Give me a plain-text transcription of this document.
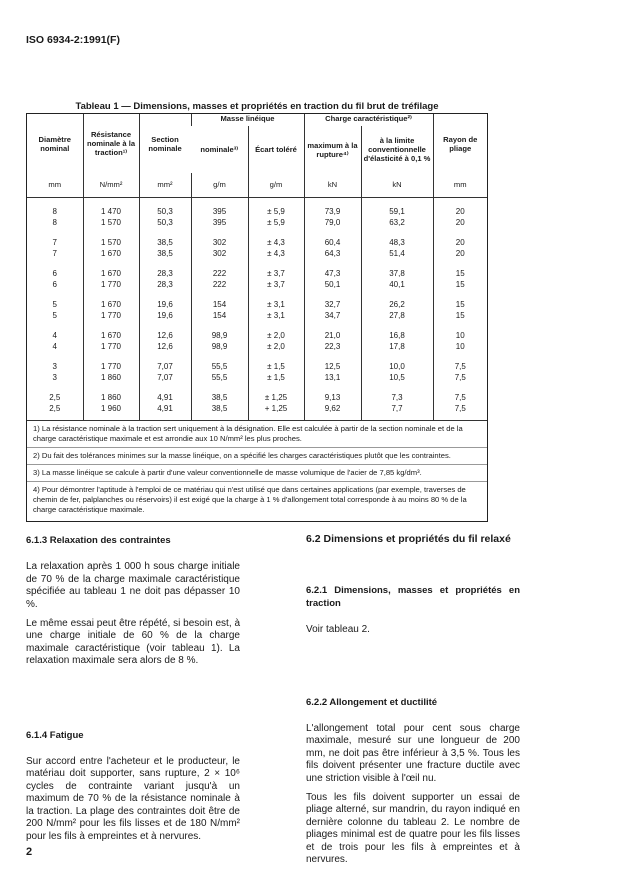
ISO 6934-2:1991(F)
Tableau 1 — Dimensions, masses et propriétés en traction du fil brut de tréfilage
Diamètre nominal	Résistance nominale à la traction¹⁾	Section nominale	Masse linéique		Charge caractéristique²⁾		Rayon de pliage
			nominale³⁾	Écart toléré	maximum à la rupture⁴⁾	à la limite conventionnelle d'élasticité à 0,1 %	
mm	N/mm²	mm²	g/m	g/m	kN	kN	mm

8	1 470	50,3	395	± 5,9	73,9	59,1	20
8	1 570	50,3	395	± 5,9	79,0	63,2	20

7	1 570	38,5	302	± 4,3	60,4	48,3	20
7	1 670	38,5	302	± 4,3	64,3	51,4	20

6	1 670	28,3	222	± 3,7	47,3	37,8	15
6	1 770	28,3	222	± 3,7	50,1	40,1	15

5	1 670	19,6	154	± 3,1	32,7	26,2	15
5	1 770	19,6	154	± 3,1	34,7	27,8	15

4	1 670	12,6	98,9	± 2,0	21,0	16,8	10
4	1 770	12,6	98,9	± 2,0	22,3	17,8	10

3	1 770	7,07	55,5	± 1,5	12,5	10,0	7,5
3	1 860	7,07	55,5	± 1,5	13,1	10,5	7,5

2,5	1 860	4,91	38,5	± 1,25	9,13	7,3	7,5
2,5	1 960	4,91	38,5	+ 1,25	9,62	7,7	7,5

1) La résistance nominale à la traction sert uniquement à la désignation. Elle est calculée à partir de la section nominale et de la charge caractéristique maximale et est arrondie aux 10 N/mm² les plus proches.
2) Du fait des tolérances minimes sur la masse linéique, on a spécifié les charges caractéristiques plutôt que les contraintes.
3) La masse linéique se calcule à partir d'une valeur conventionnelle de masse volumique de l'acier de 7,85 kg/dm³.
4) Pour démontrer l'aptitude à l'emploi de ce matériau qui n'est utilisé que dans certaines applications (par exemple, traverses de chemin de fer, palplanches ou réservoirs) il est exigé que la charge à 1 % d'allongement total corresponde à au moins 80 % de la charge caractéristique maximale.
6.1.3 Relaxation des contraintes

La relaxation après 1 000 h sous charge initiale de 70 % de la charge maximale caractéristique spécifiée au tableau 1 ne doit pas dépasser 10 %.

Le même essai peut être répété, si besoin est, à une charge initiale de 60 % de la charge maximale caractéristique (voir tableau 1). La relaxation maximale sera alors de 8 %.

6.1.4 Fatigue

Sur accord entre l'acheteur et le producteur, le matériau doit supporter, sans rupture, 2 × 10⁶ cycles de contrainte variant jusqu'à un maximum de 70 % de la résistance nominale à la traction. La plage des contraintes doit être de 200 N/mm² pour les fils lisses et de 180 N/mm² pour les fils à empreintes et à nervures.

6.2 Dimensions et propriétés du fil relaxé
6.2.1 Dimensions, masses et propriétés en traction

Voir tableau 2.

6.2.2 Allongement et ductilité

L'allongement total pour cent sous charge maximale, mesuré sur une longueur de 200 mm, ne doit pas être inférieur à 3,5 %. Tous les fils doivent présenter une fracture ductile avec une striction visible à l'œil nu.

Tous les fils doivent supporter un essai de pliage alterné, sur mandrin, du rayon indiqué en dernière colonne du tableau 2. Le nombre de pliages minimal est de quatre pour les fils lisses et de trois pour les fils à empreintes et à nervures.

2
